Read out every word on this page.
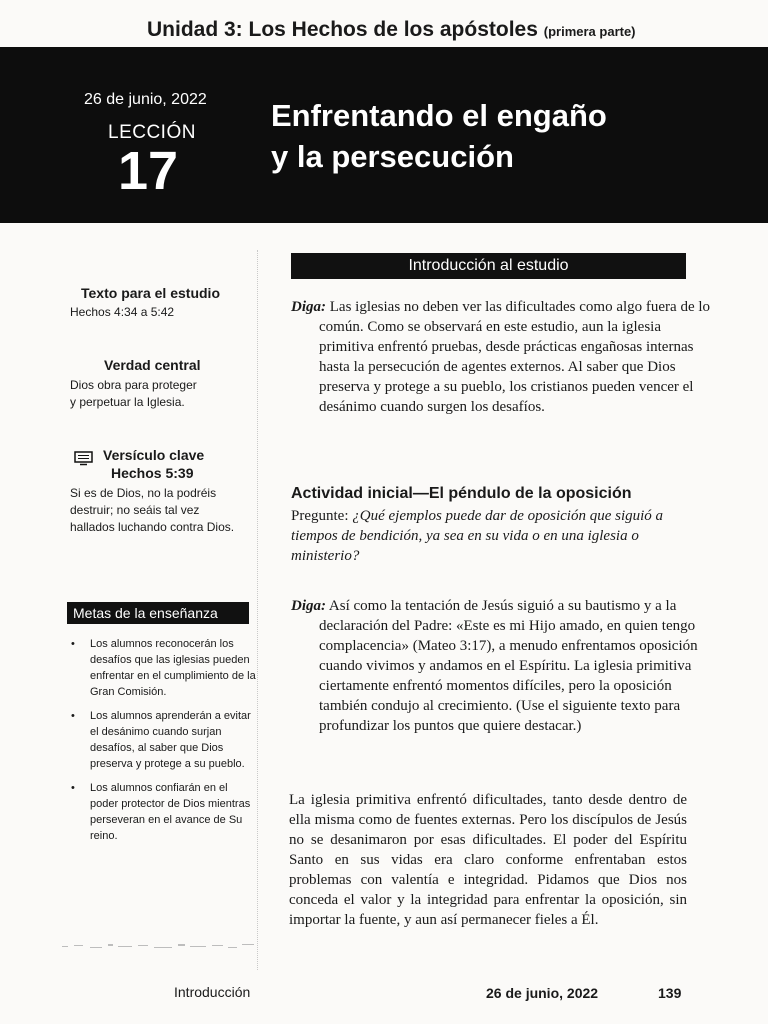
Unidad 3: Los Hechos de los apóstoles (primera parte)
26 de junio, 2022
LECCIÓN
17
Enfrentando el engaño
y la persecución
Texto para el estudio
Hechos 4:34 a 5:42
Verdad central
Dios obra para proteger
y perpetuar la Iglesia.
Versículo clave
Hechos 5:39
Si es de Dios, no la podréis
destruir; no seáis tal vez
hallados luchando contra Dios.
Metas de la enseñanza
• Los alumnos reconocerán los desafíos que las iglesias pueden enfrentar en el cumplimiento de la Gran Comisión.
• Los alumnos aprenderán a evitar el desánimo cuando surjan desafíos, al saber que Dios preserva y protege a su pueblo.
• Los alumnos confiarán en el poder protector de Dios mientras perseveran en el avance de Su reino.
Introducción al estudio
Diga: Las iglesias no deben ver las dificultades como algo fuera de lo común. Como se observará en este estudio, aun la iglesia primitiva enfrentó pruebas, desde prácticas engañosas internas hasta la persecución de agentes externos. Al saber que Dios preserva y protege a su pueblo, los cristianos pueden vencer el desánimo cuando surgen los desafíos.
Actividad inicial—El péndulo de la oposición
Pregunte: ¿Qué ejemplos puede dar de oposición que siguió a tiempos de bendición, ya sea en su vida o en una iglesia o ministerio?
Diga: Así como la tentación de Jesús siguió a su bautismo y a la declaración del Padre: «Este es mi Hijo amado, en quien tengo complacencia» (Mateo 3:17), a menudo enfrentamos oposición cuando vivimos y andamos en el Espíritu. La iglesia primitiva ciertamente enfrentó momentos difíciles, pero la oposición también condujo al crecimiento. (Use el siguiente texto para profundizar los puntos que quiere destacar.)
La iglesia primitiva enfrentó dificultades, tanto desde dentro de ella misma como de fuentes externas. Pero los discípulos de Jesús no se desanimaron por esas dificultades. El poder del Espíritu Santo en sus vidas era claro conforme enfrentaban estos problemas con valentía e integridad. Pidamos que Dios nos conceda el valor y la integridad para enfrentar la oposición, sin importar la fuente, y aun así permanecer fieles a Él.
Introducción	26 de junio, 2022	139
